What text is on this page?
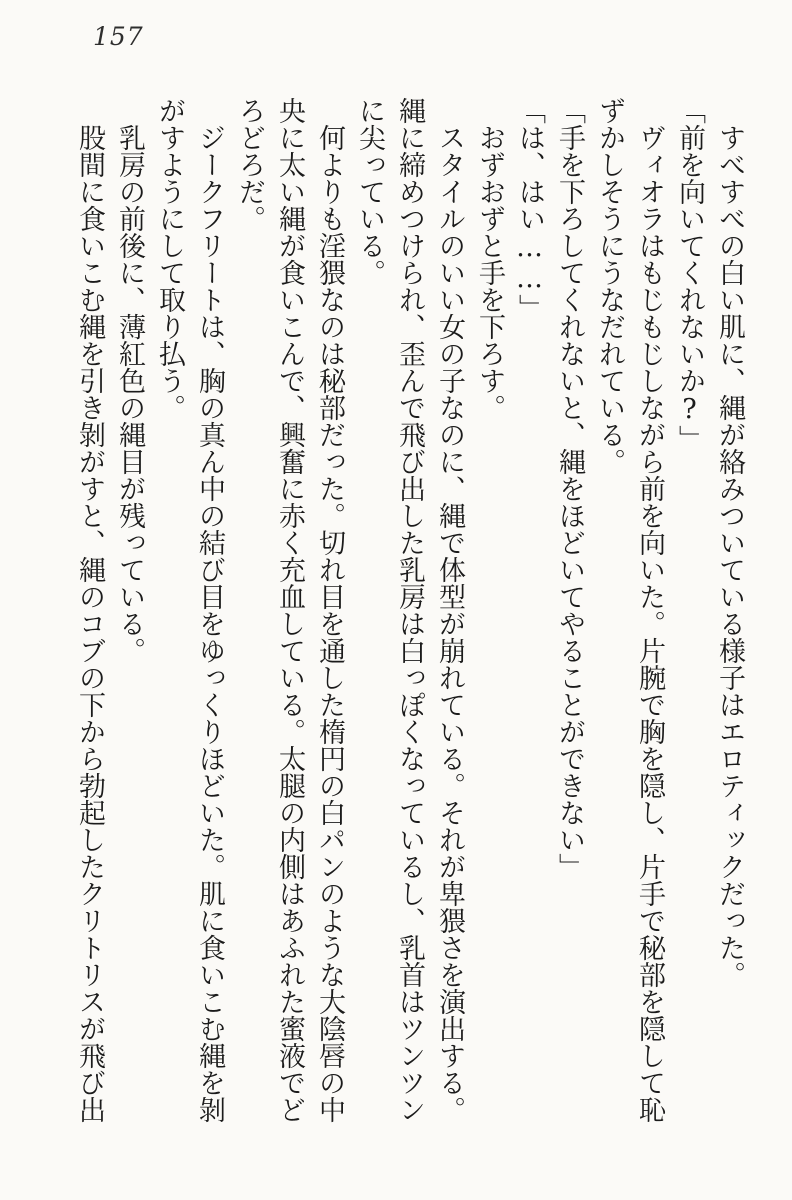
157
すべすべの白い肌に、縄が絡みついている様子はエロティックだった。
「前を向いてくれないか?」
ヴィオラはもじもじしながら前を向いた。片腕で胸を隠し、片手で秘部を隠して恥
ずかしそうにうなだれている。
「手を下ろしてくれないと、縄をほどいてやることができない」
「は、はい……」
おずおずと手を下ろす。
スタイルのいい女の子なのに、縄で体型が崩れている。それが卑猥さを演出する。
縄に締めつけられ、歪んで飛び出した乳房は白っぽくなっているし、乳首はツンツン
に尖っている。
何よりも淫猥なのは秘部だった。切れ目を通した楕円の白パンのような大陰唇の中
央に太い縄が食いこんで、興奮に赤く充血している。太腿の内側はあふれた蜜液でど
ろどろだ。
ジークフリートは、胸の真ん中の結び目をゆっくりほどいた。肌に食いこむ縄を剝
がすようにして取り払う。
乳房の前後に、薄紅色の縄目が残っている。
股間に食いこむ縄を引き剝がすと、縄のコブの下から勃起したクリトリスが飛び出
